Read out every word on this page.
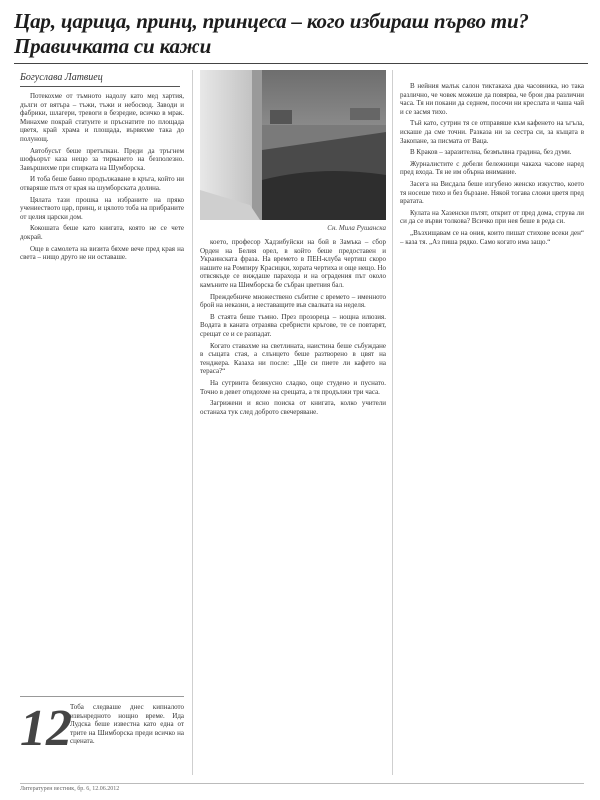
Цар, царица, принц, принцеса – кого избираш първо ти? Правичката си кажи
Богуслава Латвиец

Потекохме от тъмното надолу като мед хартия, дълги от вятъра – тъжи, тъжи и небосвод. Заводи и фабрики, шлагери, тревоги в безредие, всичко в мрак. Минахме покрай статуите и пръснатите по площада цветя, край храма и площада, вървяхме така до полунощ.

Автобусът беше претъпкан. Преди да тръгнем шофьорът каза нещо за тиркането на безполезно. Завършихме при спирката на Шумборска.

И тоба беше бавно продължаване в кръга, който ни отваряше пътя от края на шумборската долина.

Цялата тази прошка на избраните на пряко учениеството цар, принц, и цялото тоба на прибраните от целия царски дом.

Кокошата беше като книгата, която не се чете докрай.

Още в самолета на визита бяхме вече пред края на света – нищо друго не ни оставаше.

Сн. Мила Рушанска

което, професор Хадзибуйски на бой в Замъка – сбор Орден на Белия орел, в който беше предоставен и Украинската фраза. На времето в ПЕН-клуба чертиш скоро нашите на Ромпиру Красицки, хората чертиха и още нещо. Но отвсякъде се виждаше парахода и на оградения път около камъните на Шимборска бе събран цветния бал.

Преждебниче множествено събитие с времето – именното брой на неказни, а неставащите във свалката на неделя.

В стаята беше тъмно. През прозореца – нощна илюзия. Водата в каната отразява сребристи кръгове, те се повтарят, срещат се и се разпадат.

Когато ставахме на светлината, наистина беше събуждане в същата стая, а слънцето беше разтворено в цвят на тенджера. Казаха ни после: „Ще си пиете ли кафето на тераса?“

На сутринта безвкусно сладко, още студено и пуснато. Точно в девет отидохме на срещата, а тя продължи три часа.

Загрижени и ясно поиска от книгата, колко учители останаха тук след доброто свечеряване.

В нейния малък салон тиктакаха два часовника, но така различно, че човек можеше да повярва, че брои два различни часа. Тя ни покани да седнем, посочи ни креслата и чаша чай и се засмя тихо.

Тъй като, сутрин тя се отправяше към кафенето на ъгъла, искаше да сме точни. Разказа ни за сестра си, за къщата в Закопане, за писмата от Ваца.

В Краков – заразителна, безмълвна градина, без думи.

Журналистите с дебели бележници чакаха часове наред пред входа. Тя не им обърна внимание.

Засега на Висдала беше изгубено женско изкуство, което тя носеше тихо и без бързане. Някой тогава сложи цветя пред вратата.

Кулата на Хазенски пътят, открит от пред дома, струва ли си да се върви толкова? Всичко при нея беше в реда си.

„Възхищавам се на ония, които пишат стихове всеки ден“ – каза тя. „Аз пиша рядко. Само когато има защо.“

12
Тоба следваше днес кипналото извънредното нощно време. Ида Лудска беше известна като една от трите на Шимборска преди всичко на сцената.
Литературен вестник, бр. 6, 12.06.2012
